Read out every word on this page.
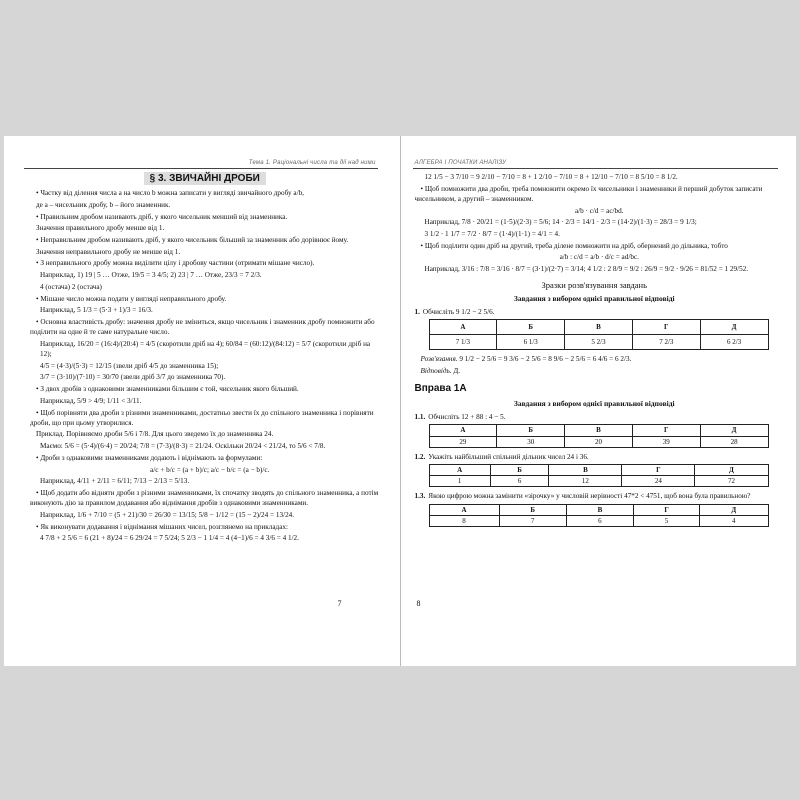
Тема 1. Раціональні числа та дії над ними
§ 3. ЗВИЧАЙНІ ДРОБИ

• Частку від ділення числа a на число b можна записати у вигляді звичайного дробу a/b,

де a – чисельник дробу, b – його знаменник.

• Правильним дробом називають дріб, у якого чисельник менший від знаменника.

Значення правильного дробу менше від 1.

• Неправильним дробом називають дріб, у якого чисельник більший за знаменник або дорівнює йому.

Значення неправильного дробу не менше від 1.

• З неправильного дробу можна виділити цілу і дробову частини (отримати мішане число).

Наприклад, 1) 19 | 5 … Отже, 19/5 = 3 4/5; 2) 23 | 7 … Отже, 23/3 = 7 2/3.

4 (остача) 2 (остача)

• Мішане число можна подати у вигляді неправильного дробу.

Наприклад, 5 1/3 = (5·3 + 1)/3 = 16/3.

• Основна властивість дробу: значення дробу не зміниться, якщо чисельник і знаменник дробу помножити або поділити на одне й те саме натуральне число.

Наприклад, 16/20 = (16:4)/(20:4) = 4/5 (скоротили дріб на 4); 60/84 = (60:12)/(84:12) = 5/7 (скоротили дріб на 12);

4/5 = (4·3)/(5·3) = 12/15 (звели дріб 4/5 до знаменника 15);

3/7 = (3·10)/(7·10) = 30/70 (звели дріб 3/7 до знаменника 70).

• З двох дробів з однаковими знаменниками більшим є той, чисельник якого більший.

Наприклад, 5/9 > 4/9; 1/11 < 3/11.

• Щоб порівняти два дроби з різними знаменниками, достатньо звести їх до спільного знаменника і порівняти дроби, що при цьому утворилися.

Приклад. Порівняємо дроби 5/6 і 7/8. Для цього зведемо їх до знаменника 24.

Маємо: 5/6 = (5·4)/(6·4) = 20/24; 7/8 = (7·3)/(8·3) = 21/24. Оскільки 20/24 < 21/24, то 5/6 < 7/8.

• Дроби з однаковими знаменниками додають і віднімають за формулами:

a/c + b/c = (a + b)/c; a/c − b/c = (a − b)/c.

Наприклад, 4/11 + 2/11 = 6/11; 7/13 − 2/13 = 5/13.

• Щоб додати або відняти дроби з різними знаменниками, їх спочатку зводять до спільного знаменника, а потім виконують дію за правилом додавання або віднімання дробів з однаковими знаменниками.

Наприклад, 1/6 + 7/10 = (5 + 21)/30 = 26/30 = 13/15; 5/8 − 1/12 = (15 − 2)/24 = 13/24.

• Як виконувати додавання і віднімання мішаних чисел, розглянемо на прикладах:

4 7/8 + 2 5/6 = 6 (21 + 8)/24 = 6 29/24 = 7 5/24; 5 2/3 − 1 1/4 = 4 (4−1)/6 = 4 3/6 = 4 1/2.

7
АЛГЕБРА І ПОЧАТКИ АНАЛІЗУ

12 1/5 − 3 7/10 = 9 2/10 − 7/10 = 8 + 1 2/10 − 7/10 = 8 + 12/10 − 7/10 = 8 5/10 = 8 1/2.

• Щоб помножити два дроби, треба помножити окремо їх чисельники і знаменники й перший добуток записати чисельником, а другий – знаменником.

a/b · c/d = ac/bd.

Наприклад, 7/8 · 20/21 = (1·5)/(2·3) = 5/6; 14 · 2/3 = 14/1 · 2/3 = (14·2)/(1·3) = 28/3 = 9 1/3;

3 1/2 · 1 1/7 = 7/2 · 8/7 = (1·4)/(1·1) = 4/1 = 4.

• Щоб поділити один дріб на другий, треба ділене помножити на дріб, обернений до дільника, тобто

a/b : c/d = a/b · d/c = ad/bc.

Наприклад, 3/16 : 7/8 = 3/16 · 8/7 = (3·1)/(2·7) = 3/14; 4 1/2 : 2 8/9 = 9/2 : 26/9 = 9/2 · 9/26 = 81/52 = 1 29/52.

Зразки розв'язування завдань

Завдання з вибором однієї правильної відповіді

1. Обчисліть 9 1/2 − 2 5/6.

А	Б	В	Г	Д
7 1/3	6 1/3	5 2/3	7 2/3	6 2/3

Розв'язання. 9 1/2 − 2 5/6 = 9 3/6 − 2 5/6 = 8 9/6 − 2 5/6 = 6 4/6 = 6 2/3.

Відповідь. Д.

Вправа 1А

Завдання з вибором однієї правильної відповіді

1.1. Обчисліть 12 + 88 : 4 − 5.

А	Б	В	Г	Д
29	30	20	39	28

1.2. Укажіть найбільший спільний дільник чисел 24 і 36.

А	Б	В	Г	Д
1	6	12	24	72

1.3. Якою цифрою можна замінити «зірочку» у числовій нерівності 47*2 < 4751, щоб вона була правильною?

А	Б	В	Г	Д
8	7	6	5	4
8
